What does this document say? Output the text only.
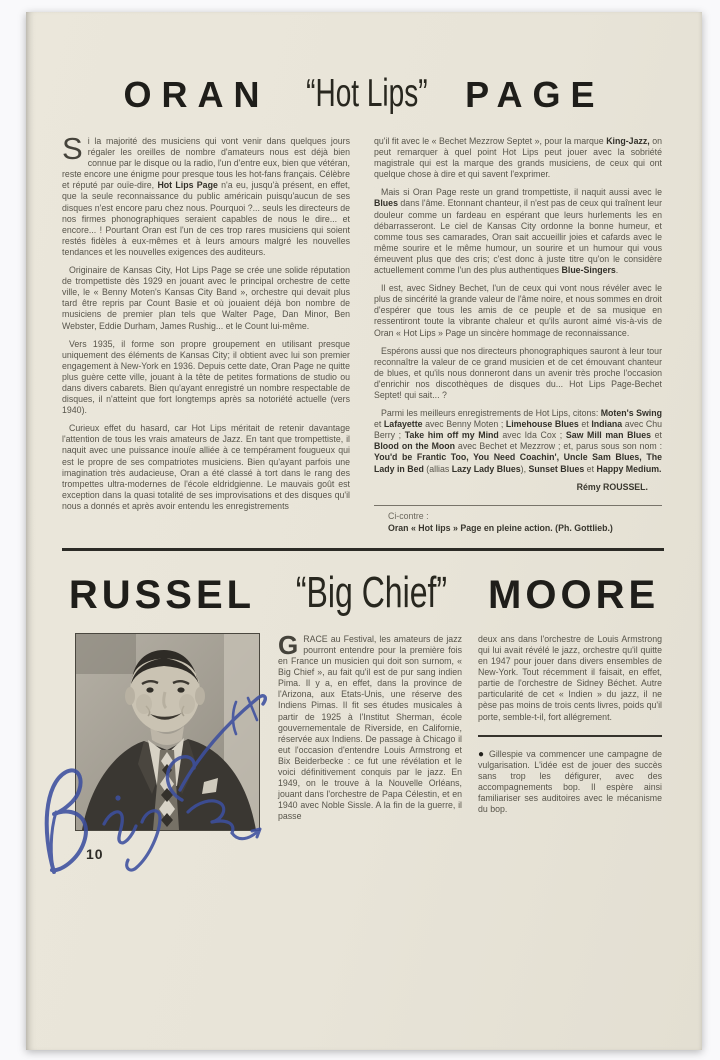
ORAN “Hot Lips” PAGE

S i la majorité des musiciens qui vont venir dans quelques jours régaler les oreilles de nombre d'amateurs nous est déjà bien connue par le disque ou la radio, l'un d'entre eux, bien que vétéran, reste encore une énigme pour presque tous les hot-fans français. Célèbre et réputé par ouïe-dire, Hot Lips Page n'a eu, jusqu'à présent, en effet, que la seule reconnaissance du public américain puisqu'aucun de ses disques n'est encore paru chez nous. Pourquoi ?... seuls les directeurs de nos firmes phonographiques seraient capables de nous le dire... et encore... ! Pourtant Oran est l'un de ces trop rares musiciens qui soient restés fidèles à eux-mêmes et à leurs amours malgré les nouvelles tendances et les nouvelles exigences des auditeurs.

Originaire de Kansas City, Hot Lips Page se crée une solide réputation de trompettiste dès 1929 en jouant avec le principal orchestre de cette ville, le « Benny Moten's Kansas City Band », orchestre qui devait plus tard être repris par Count Basie et où jouaient déjà bon nombre de musiciens de premier plan tels que Walter Page, Dan Minor, Ben Webster, Eddie Durham, James Rushig... et le Count lui-même.

Vers 1935, il forme son propre groupement en utilisant presque uniquement des éléments de Kansas City; il obtient avec lui son premier engagement à New-York en 1936. Depuis cette date, Oran Page ne quitte plus guère cette ville, jouant à la tête de petites formations de studio ou dans divers cabarets. Bien qu'ayant enregistré un nombre respectable de disques, il n'atteint que fort longtemps après sa notoriété actuelle (vers 1940).

Curieux effet du hasard, car Hot Lips méritait de retenir davantage l'attention de tous les vrais amateurs de Jazz. En tant que trompettiste, il naquit avec une puissance inouïe alliée à ce tempérament fougueux qui est le propre de ses compatriotes musiciens. Bien qu'ayant parfois une imagination très audacieuse, Oran a été classé à tort dans le rang des trompettes ultra-modernes de l'école eldridgienne. Le mauvais goût est exception dans la quasi totalité de ses improvisations et des disques qu'il nous a donnés et après avoir entendu les enregistrements

qu'il fit avec le « Bechet Mezzrow Septet », pour la marque King-Jazz, on peut remarquer à quel point Hot Lips peut jouer avec la sobriété magistrale qui est la marque des grands musiciens, de ceux qui ont quelque chose à dire et qui savent l'exprimer.

Mais si Oran Page reste un grand trompettiste, il naquit aussi avec le Blues dans l'âme. Etonnant chanteur, il n'est pas de ceux qui traînent leur douleur comme un fardeau en espérant que leurs hurlements les en débarrasseront. Le ciel de Kansas City ordonne la bonne humeur, et comme tous ses camarades, Oran sait accueillir joies et cafards avec le même sourire et le même humour, un sourire et un humour qui vous émeuvent plus que des cris; c'est donc à juste titre qu'on le considère actuellement comme l'un des plus authentiques Blue-Singers.

Il est, avec Sidney Bechet, l'un de ceux qui vont nous révéler avec le plus de sincérité la grande valeur de l'âme noire, et nous sommes en droit d'espérer que tous les amis de ce peuple et de sa musique en ressentiront toute la vibrante chaleur et qu'ils auront aimé vis-à-vis de Oran « Hot Lips » Page un sincère hommage de reconnaissance.

Espérons aussi que nos directeurs phonographiques sauront à leur tour reconnaître la valeur de ce grand musicien et de cet émouvant chanteur de blues, et qu'ils nous donneront dans un avenir très proche l'occasion d'enrichir nos discothèques de disques du... Hot Lips Page-Bechet Septet! qui sait... ?

Parmi les meilleurs enregistrements de Hot Lips, citons: Moten's Swing et Lafayette avec Benny Moten ; Limehouse Blues et Indiana avec Chu Berry ; Take him off my Mind avec Ida Cox ; Saw Mill man Blues et Blood on the Moon avec Bechet et Mezzrow ; et, parus sous son nom : You'd be Frantic Too, You Need Coachin', Uncle Sam Blues, The Lady in Bed (allias Lazy Lady Blues), Sunset Blues et Happy Medium.

Rémy ROUSSEL.

Ci-contre :
Oran « Hot lips » Page en pleine action. (Ph. Gottlieb.)
RUSSEL “Big Chief” MOORE
10

G RACE au Festival, les amateurs de jazz pourront entendre pour la première fois en France un musicien qui doit son surnom, « Big Chief », au fait qu'il est de pur sang indien Pima. Il y a, en effet, dans la province de l'Arizona, aux Etats-Unis, une réserve des Indiens Pimas. Il fit ses études musicales à partir de 1925 à l'Institut Sherman, école gouvernementale de Riverside, en Californie, réservée aux Indiens. De passage à Chicago il eut l'occasion d'entendre Louis Armstrong et Bix Beiderbecke : ce fut une révélation et le voici définitivement conquis par le jazz. En 1949, on le trouve à la Nouvelle Orléans, jouant dans l'orchestre de Papa Célestin, et en 1940 avec Noble Sissle. A la fin de la guerre, il passe

deux ans dans l'orchestre de Louis Armstrong qui lui avait révélé le jazz, orchestre qu'il quitte en 1947 pour jouer dans divers ensembles de New-York. Tout récemment il faisait, en effet, partie de l'orchestre de Sidney Béchet. Autre particularité de cet « Indien » du jazz, il ne pèse pas moins de trois cents livres, poids qu'il porte, semble-t-il, fort allégrement.

● Gillespie va commencer une campagne de vulgarisation. L'idée est de jouer des succès sans trop les défigurer, avec des accompagnements bop. Il espère ainsi familiariser ses auditoires avec le mécanisme du bop.
